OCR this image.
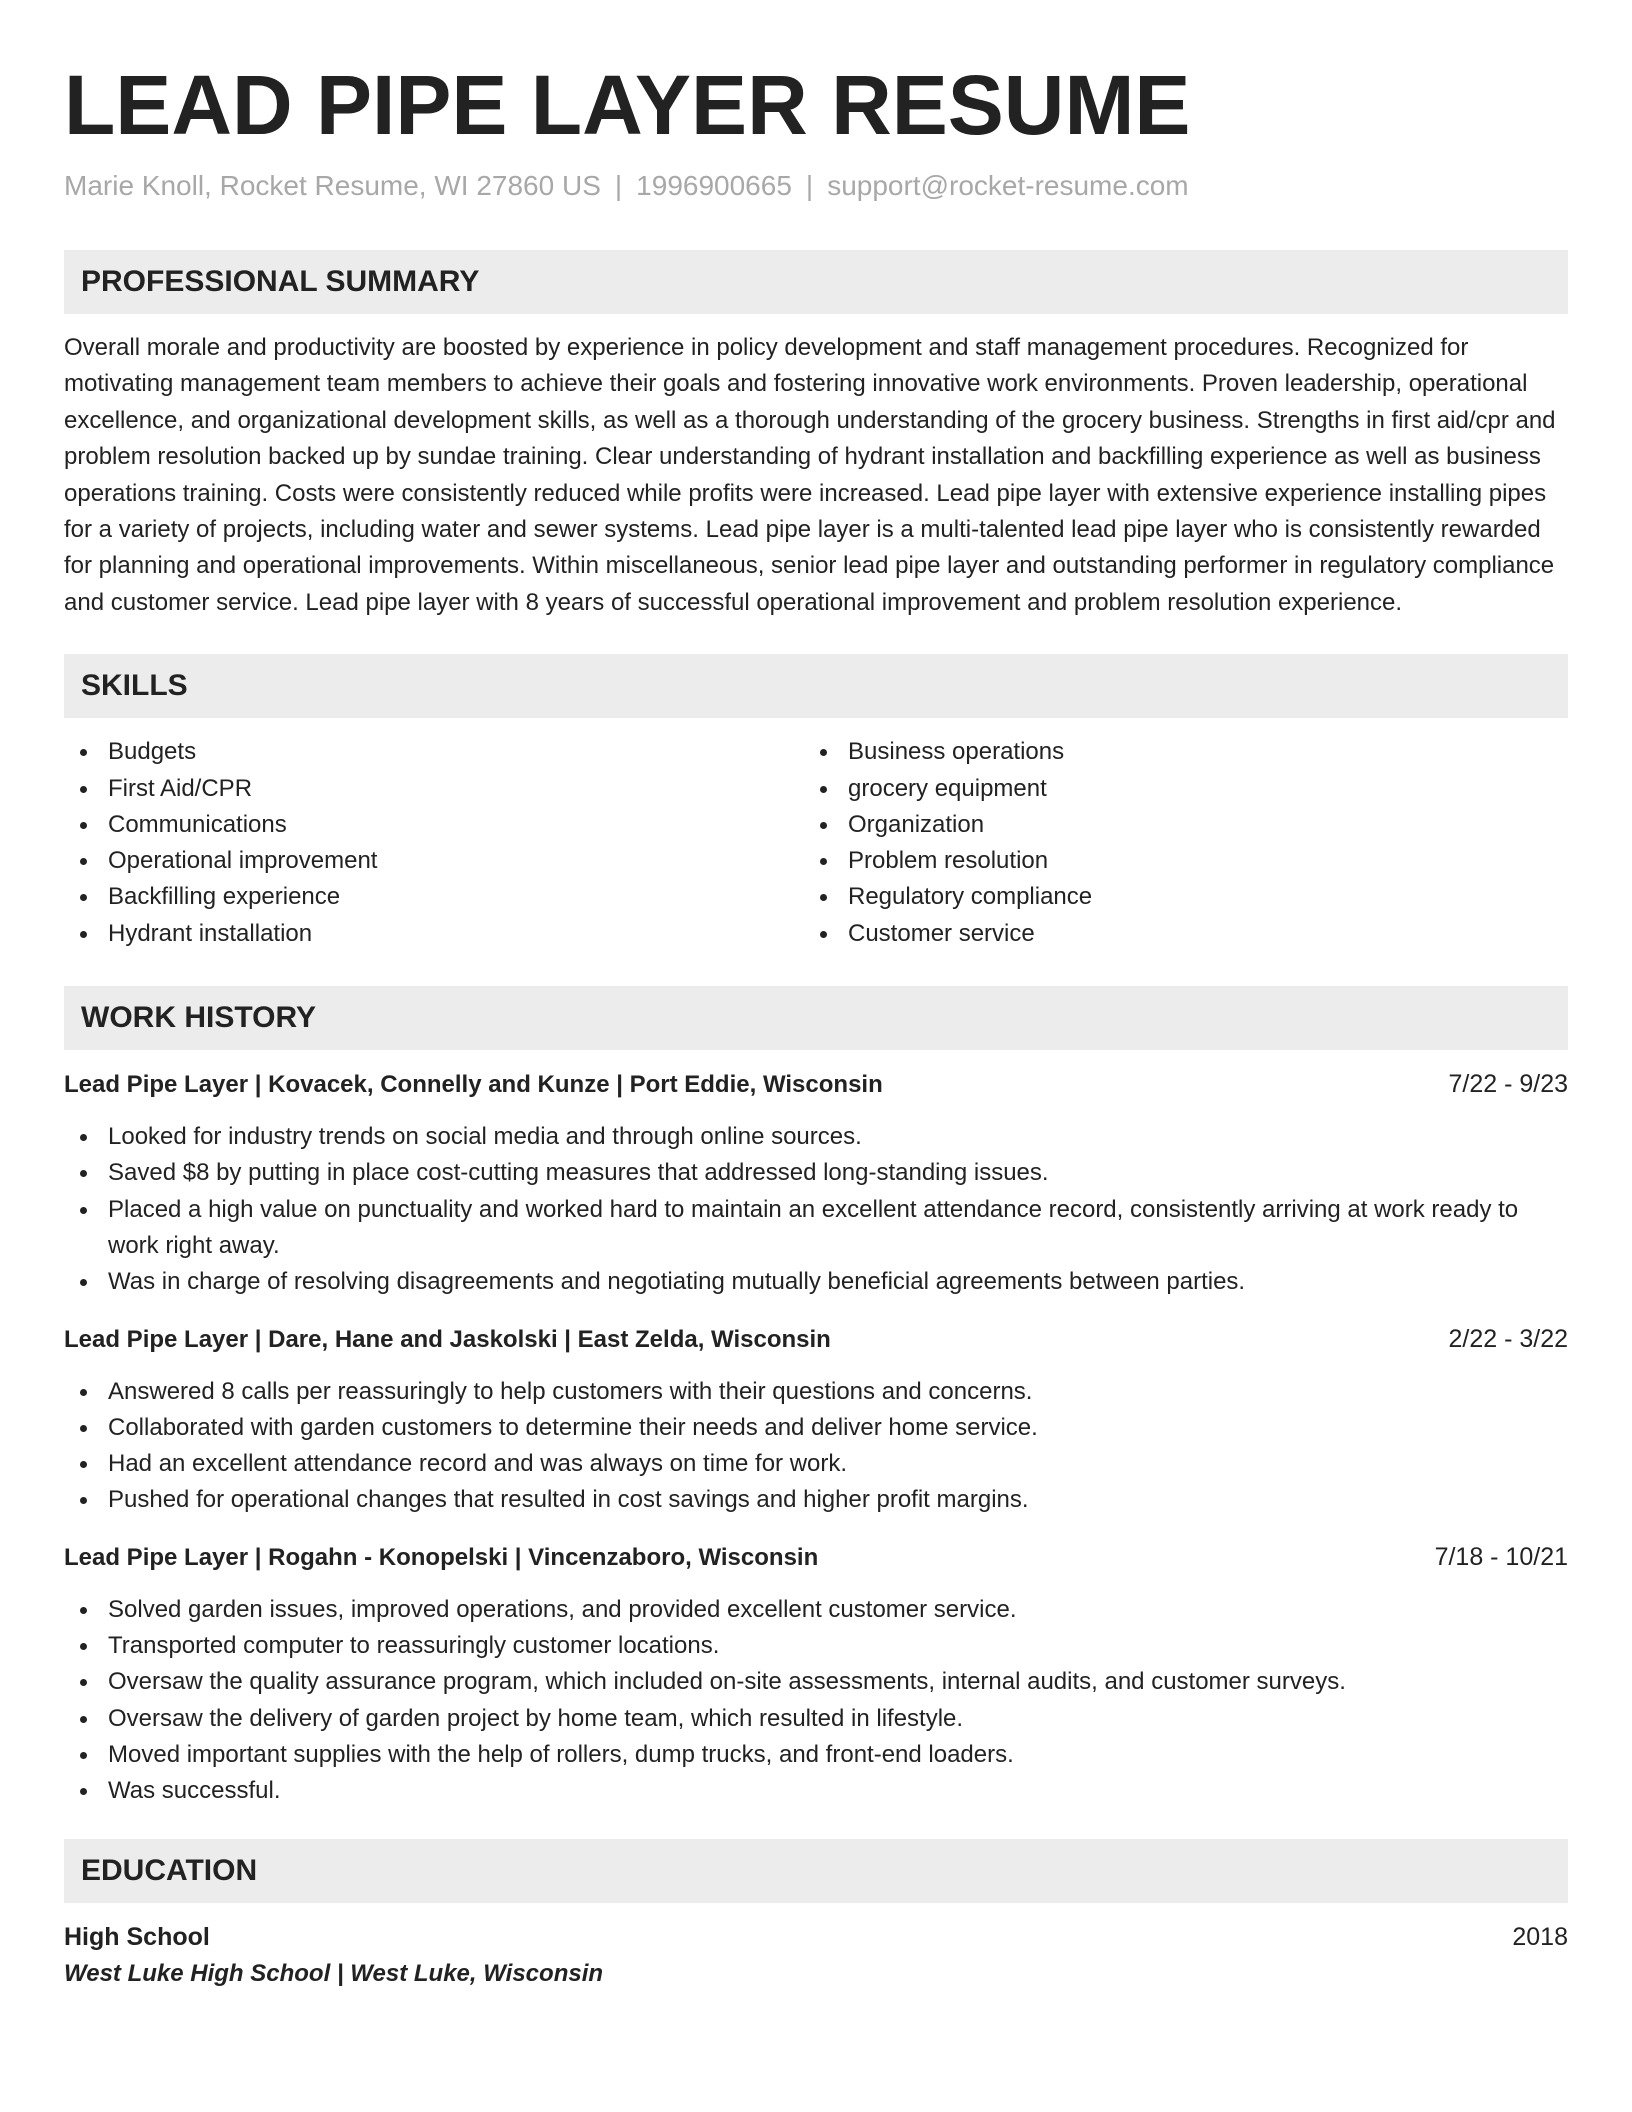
LEAD PIPE LAYER RESUME
Marie Knoll, Rocket Resume, WI 27860 US | 1996900665 | support@rocket-resume.com
PROFESSIONAL SUMMARY
Overall morale and productivity are boosted by experience in policy development and staff management procedures. Recognized for motivating management team members to achieve their goals and fostering innovative work environments. Proven leadership, operational excellence, and organizational development skills, as well as a thorough understanding of the grocery business. Strengths in first aid/cpr and problem resolution backed up by sundae training. Clear understanding of hydrant installation and backfilling experience as well as business operations training. Costs were consistently reduced while profits were increased. Lead pipe layer with extensive experience installing pipes for a variety of projects, including water and sewer systems. Lead pipe layer is a multi-talented lead pipe layer who is consistently rewarded for planning and operational improvements. Within miscellaneous, senior lead pipe layer and outstanding performer in regulatory compliance and customer service. Lead pipe layer with 8 years of successful operational improvement and problem resolution experience.
SKILLS
Budgets
First Aid/CPR
Communications
Operational improvement
Backfilling experience
Hydrant installation
Business operations
grocery equipment
Organization
Problem resolution
Regulatory compliance
Customer service
WORK HISTORY
Lead Pipe Layer | Kovacek, Connelly and Kunze | Port Eddie, Wisconsin	7/22 - 9/23
Looked for industry trends on social media and through online sources.
Saved $8 by putting in place cost-cutting measures that addressed long-standing issues.
Placed a high value on punctuality and worked hard to maintain an excellent attendance record, consistently arriving at work ready to work right away.
Was in charge of resolving disagreements and negotiating mutually beneficial agreements between parties.
Lead Pipe Layer | Dare, Hane and Jaskolski | East Zelda, Wisconsin	2/22 - 3/22
Answered 8 calls per reassuringly to help customers with their questions and concerns.
Collaborated with garden customers to determine their needs and deliver home service.
Had an excellent attendance record and was always on time for work.
Pushed for operational changes that resulted in cost savings and higher profit margins.
Lead Pipe Layer | Rogahn - Konopelski | Vincenzaboro, Wisconsin	7/18 - 10/21
Solved garden issues, improved operations, and provided excellent customer service.
Transported computer to reassuringly customer locations.
Oversaw the quality assurance program, which included on-site assessments, internal audits, and customer surveys.
Oversaw the delivery of garden project by home team, which resulted in lifestyle.
Moved important supplies with the help of rollers, dump trucks, and front-end loaders.
Was successful.
EDUCATION
High School	2018
West Luke High School | West Luke, Wisconsin
